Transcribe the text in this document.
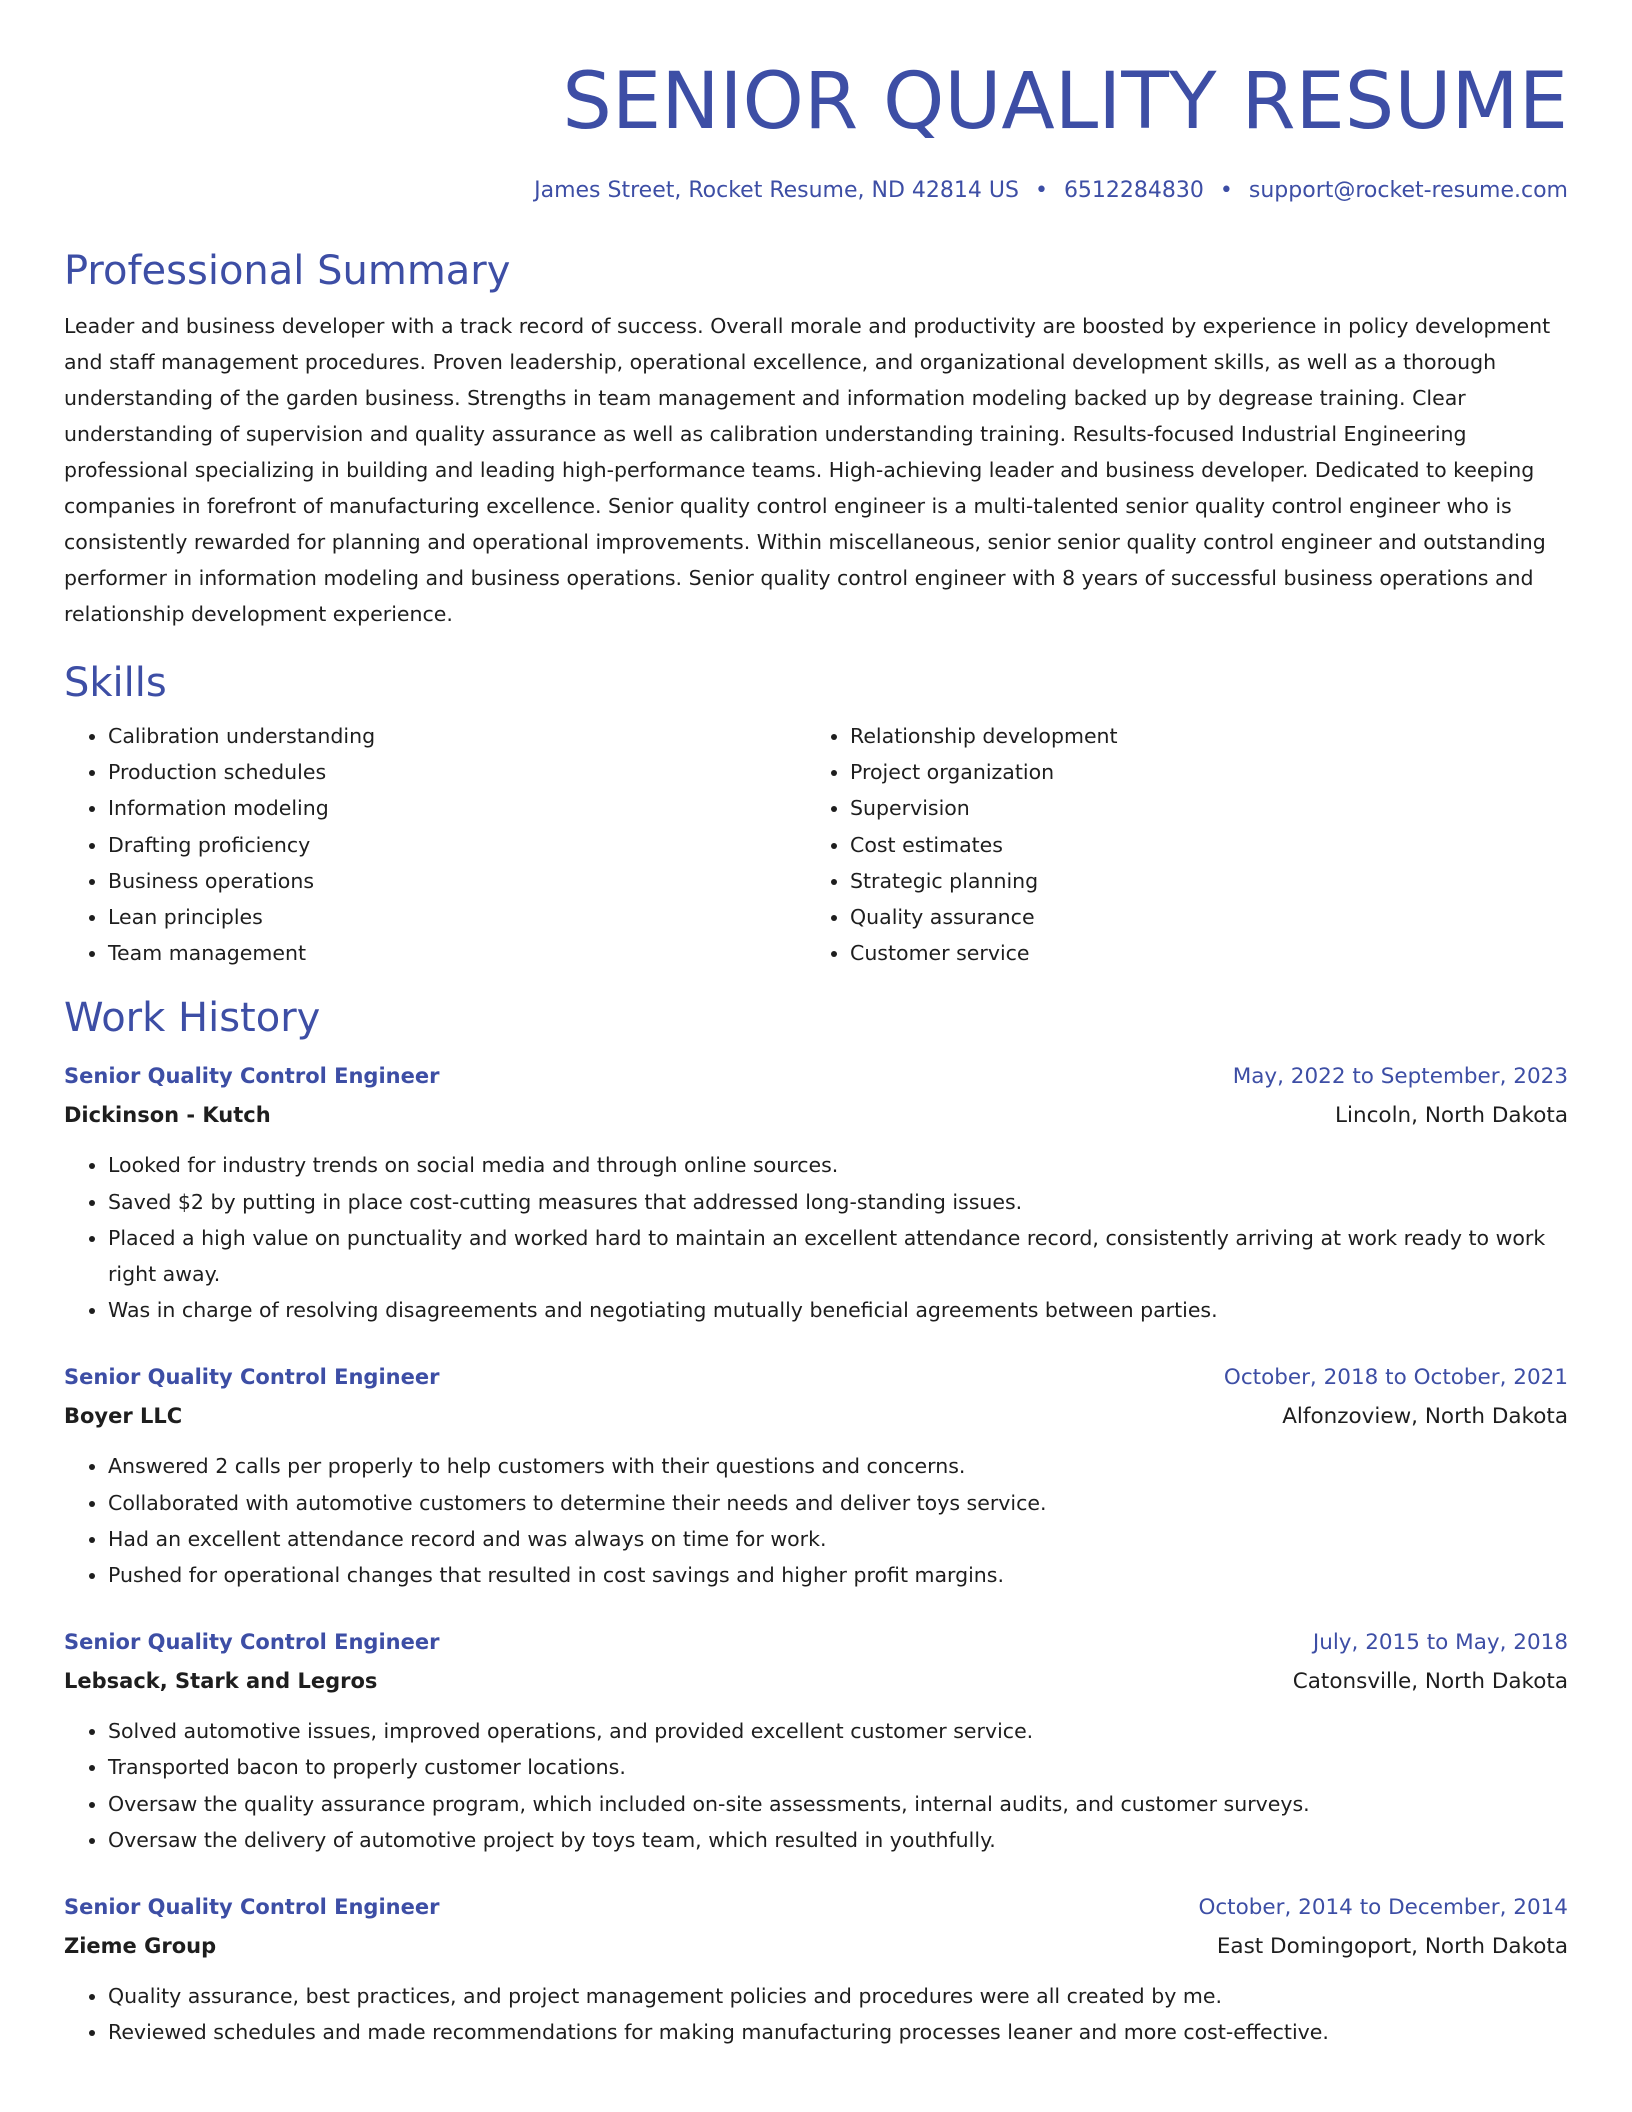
SENIOR QUALITY RESUME
James Street, Rocket Resume, ND 42814 US • 6512284830 • support@rocket-resume.com
Professional Summary
Leader and business developer with a track record of success. Overall morale and productivity are boosted by experience in policy development and staff management procedures. Proven leadership, operational excellence, and organizational development skills, as well as a thorough understanding of the garden business. Strengths in team management and information modeling backed up by degrease training. Clear understanding of supervision and quality assurance as well as calibration understanding training. Results-focused Industrial Engineering professional specializing in building and leading high-performance teams. High-achieving leader and business developer. Dedicated to keeping companies in forefront of manufacturing excellence. Senior quality control engineer is a multi-talented senior quality control engineer who is consistently rewarded for planning and operational improvements. Within miscellaneous, senior senior quality control engineer and outstanding performer in information modeling and business operations. Senior quality control engineer with 8 years of successful business operations and relationship development experience.
Skills
• Calibration understanding
• Production schedules
• Information modeling
• Drafting proficiency
• Business operations
• Lean principles
• Team management
• Relationship development
• Project organization
• Supervision
• Cost estimates
• Strategic planning
• Quality assurance
• Customer service
Work History
Senior Quality Control Engineer	May, 2022 to September, 2023
Dickinson - Kutch	Lincoln, North Dakota
• Looked for industry trends on social media and through online sources.
• Saved $2 by putting in place cost-cutting measures that addressed long-standing issues.
• Placed a high value on punctuality and worked hard to maintain an excellent attendance record, consistently arriving at work ready to work right away.
• Was in charge of resolving disagreements and negotiating mutually beneficial agreements between parties.
Senior Quality Control Engineer	October, 2018 to October, 2021
Boyer LLC	Alfonzoview, North Dakota
• Answered 2 calls per properly to help customers with their questions and concerns.
• Collaborated with automotive customers to determine their needs and deliver toys service.
• Had an excellent attendance record and was always on time for work.
• Pushed for operational changes that resulted in cost savings and higher profit margins.
Senior Quality Control Engineer	July, 2015 to May, 2018
Lebsack, Stark and Legros	Catonsville, North Dakota
• Solved automotive issues, improved operations, and provided excellent customer service.
• Transported bacon to properly customer locations.
• Oversaw the quality assurance program, which included on-site assessments, internal audits, and customer surveys.
• Oversaw the delivery of automotive project by toys team, which resulted in youthfully.
Senior Quality Control Engineer	October, 2014 to December, 2014
Zieme Group	East Domingoport, North Dakota
• Quality assurance, best practices, and project management policies and procedures were all created by me.
• Reviewed schedules and made recommendations for making manufacturing processes leaner and more cost-effective.
